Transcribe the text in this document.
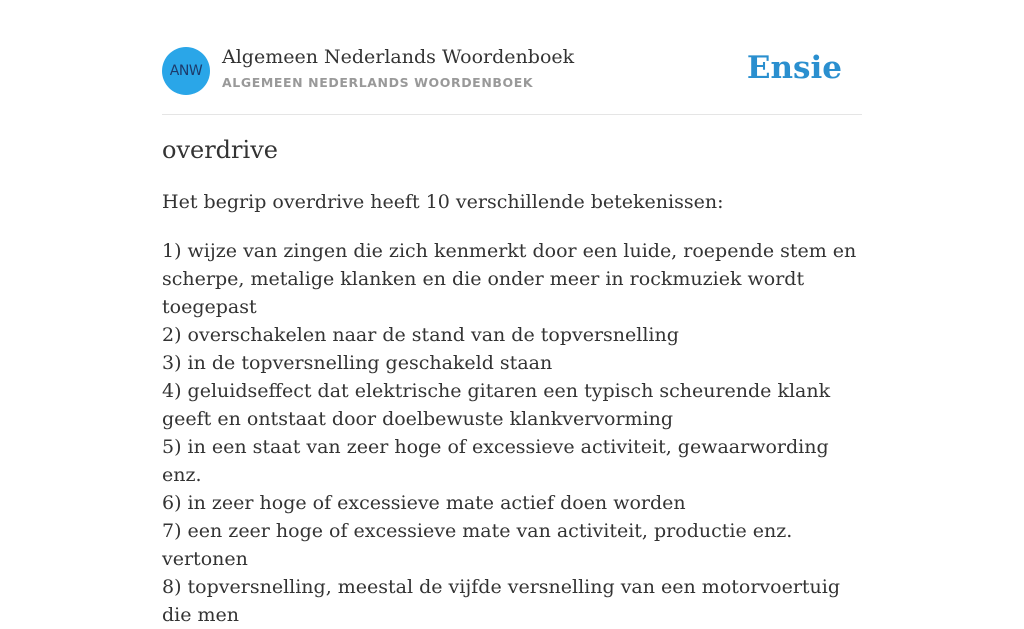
ANW
Algemeen Nederlands Woordenboek
ALGEMEEN NEDERLANDS WOORDENBOEK	Ensie
overdrive

Het begrip overdrive heeft 10 verschillende betekenissen:

1) wijze van zingen die zich kenmerkt door een luide, roepende stem en scherpe, metalige klanken en die onder meer in rockmuziek wordt toegepast
2) overschakelen naar de stand van de topversnelling
3) in de topversnelling geschakeld staan
4) geluidseffect dat elektrische gitaren een typisch scheurende klank geeft en ontstaat door doelbewuste klankvervorming
5) in een staat van zeer hoge of excessieve activiteit, gewaarwording enz.
6) in zeer hoge of excessieve mate actief doen worden
7) een zeer hoge of excessieve mate van activiteit, productie enz. vertonen
8) topversnelling, meestal de vijfde versnelling van een motorvoertuig die men
